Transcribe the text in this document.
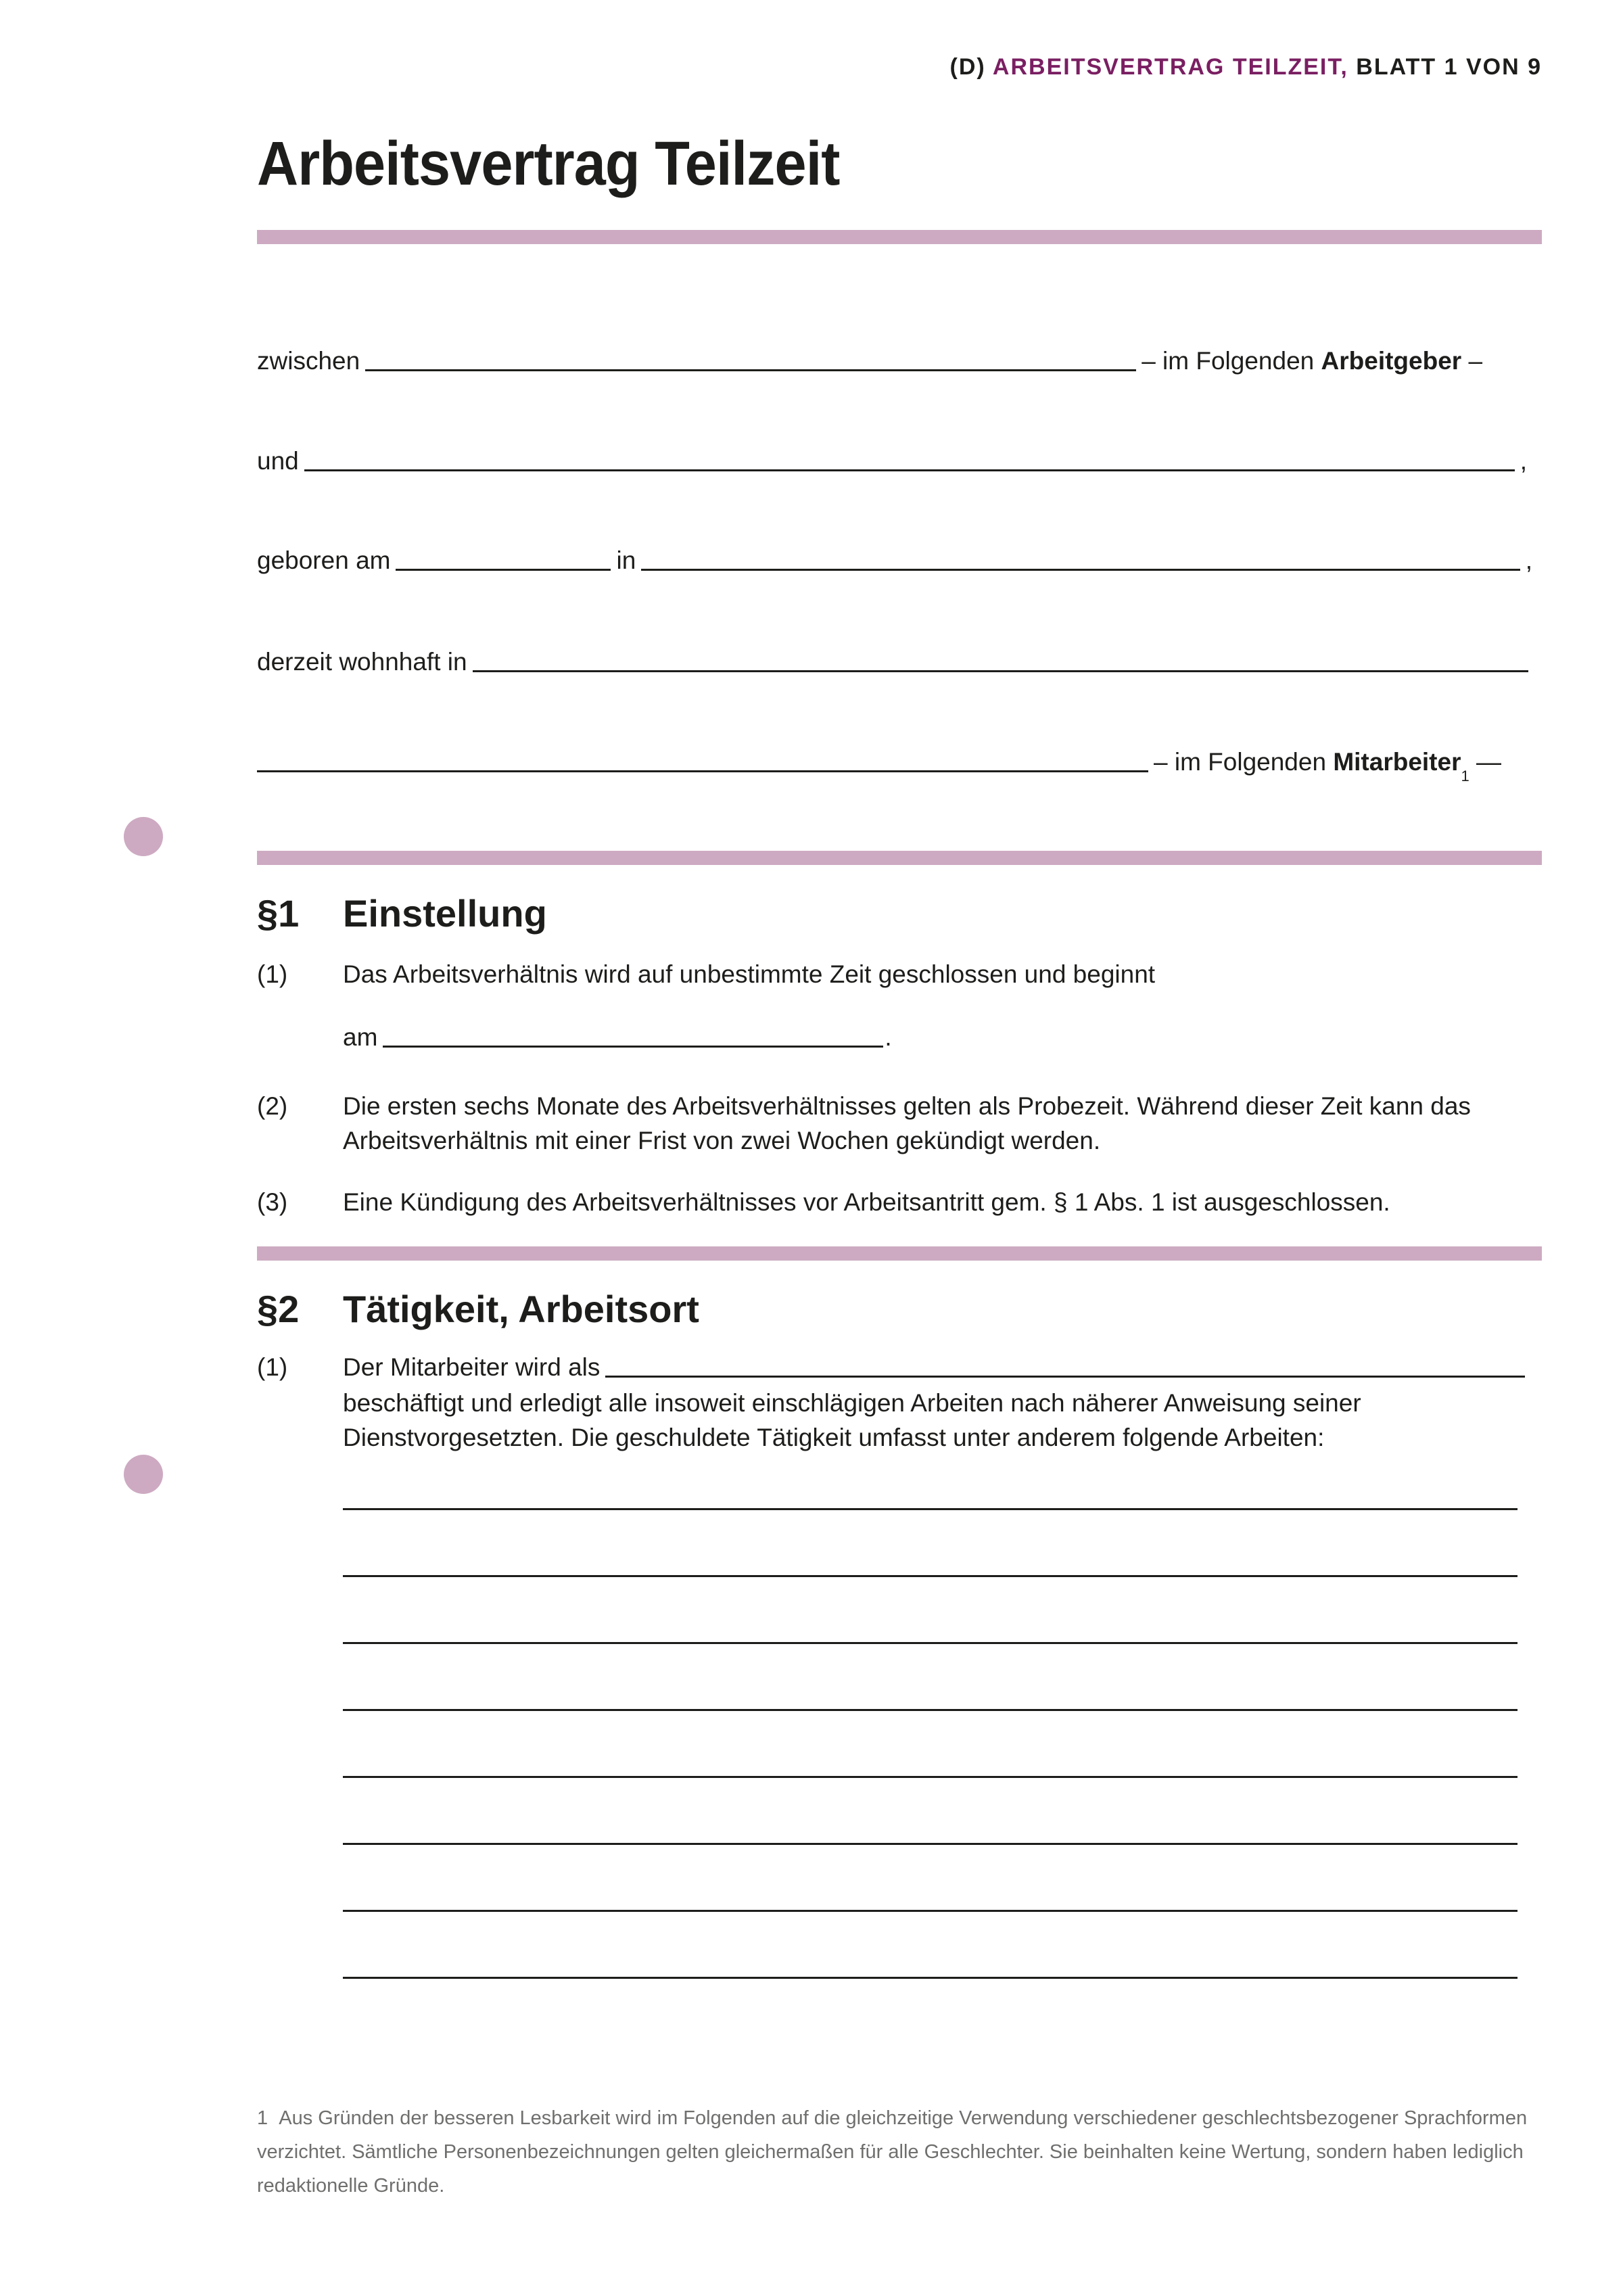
(D) ARBEITSVERTRAG TEILZEIT, BLATT 1 VON 9
Arbeitsvertrag Teilzeit
zwischen	– im Folgenden
Arbeitgeber
–
und	,
geboren am	in	,
derzeit wohnhaft in
– im Folgenden
Mitarbeiter
1

—
§1	Einstellung
(1)	Das Arbeitsverhältnis wird auf unbestimmte Zeit geschlossen und beginnt
am	.
(2)	Die ersten sechs Monate des Arbeitsverhältnisses gelten als Probezeit. Während dieser Zeit kann das Arbeitsverhältnis mit einer Frist von zwei Wochen gekündigt werden.
(3)	Eine Kündigung des Arbeitsverhältnisses vor Arbeitsantritt gem. § 1 Abs. 1 ist ausgeschlossen.
§2	Tätigkeit, Arbeitsort
(1)	Der Mitarbeiter wird als
beschäftigt und erledigt alle insoweit einschlägigen Arbeiten nach näherer Anweisung seiner Dienstvorgesetzten. Die geschuldete Tätigkeit umfasst unter anderem folgende Arbeiten:
1 Aus Gründen der besseren Lesbarkeit wird im Folgenden auf die gleichzeitige Verwendung verschiedener geschlechtsbezogener Sprachformen verzichtet. Sämtliche Personenbezeichnungen gelten gleichermaßen für alle Geschlechter. Sie beinhalten keine Wertung, sondern haben lediglich redaktionelle Gründe.
